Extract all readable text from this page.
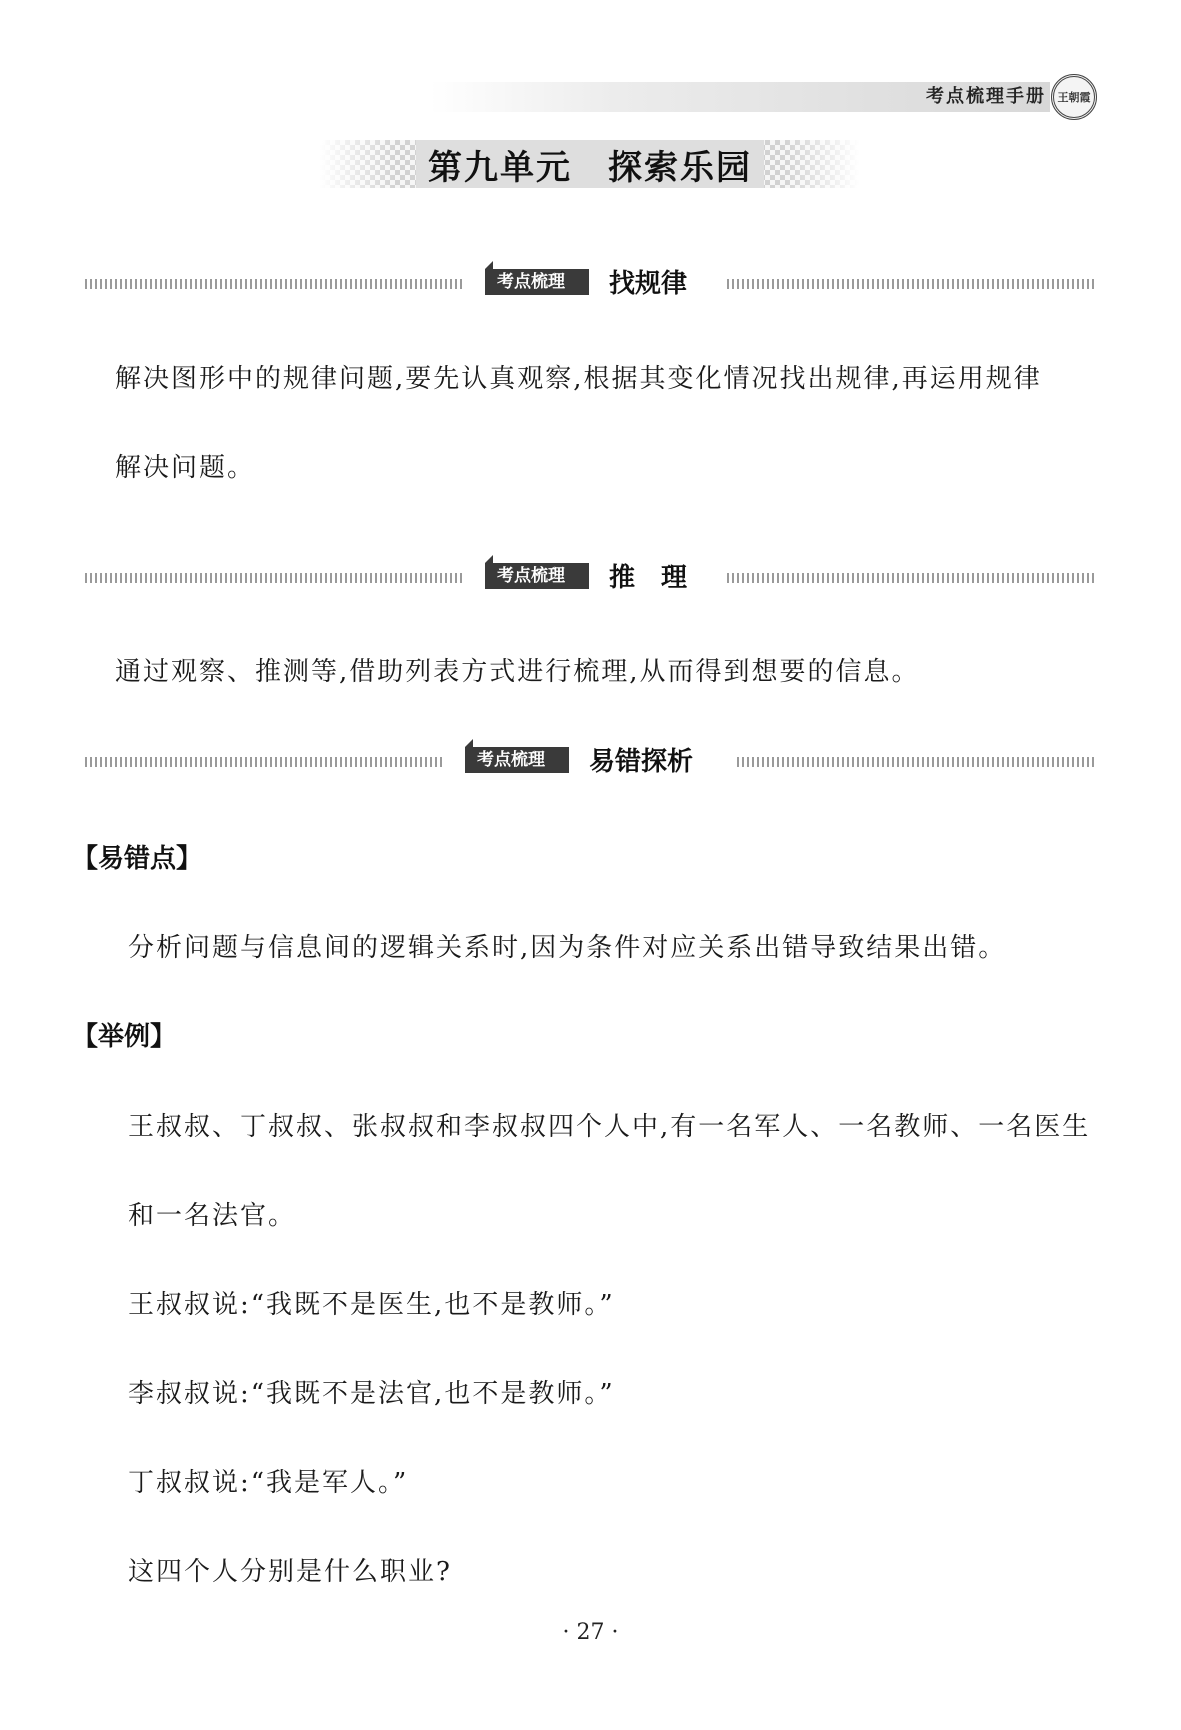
考点梳理手册 王朝霞
第九单元　探索乐园
考点梳理	找规律
解决图形中的规律问题,要先认真观察,根据其变化情况找出规律,再运用规律
解决问题。
考点梳理	推　理
通过观察、推测等,借助列表方式进行梳理,从而得到想要的信息。
考点梳理	易错探析
【易错点】
分析问题与信息间的逻辑关系时,因为条件对应关系出错导致结果出错。
【举例】
王叔叔、丁叔叔、张叔叔和李叔叔四个人中,有一名军人、一名教师、一名医生
和一名法官。
王叔叔说:“我既不是医生,也不是教师。”
李叔叔说:“我既不是法官,也不是教师。”
丁叔叔说:“我是军人。”
这四个人分别是什么职业?
· 27 ·
